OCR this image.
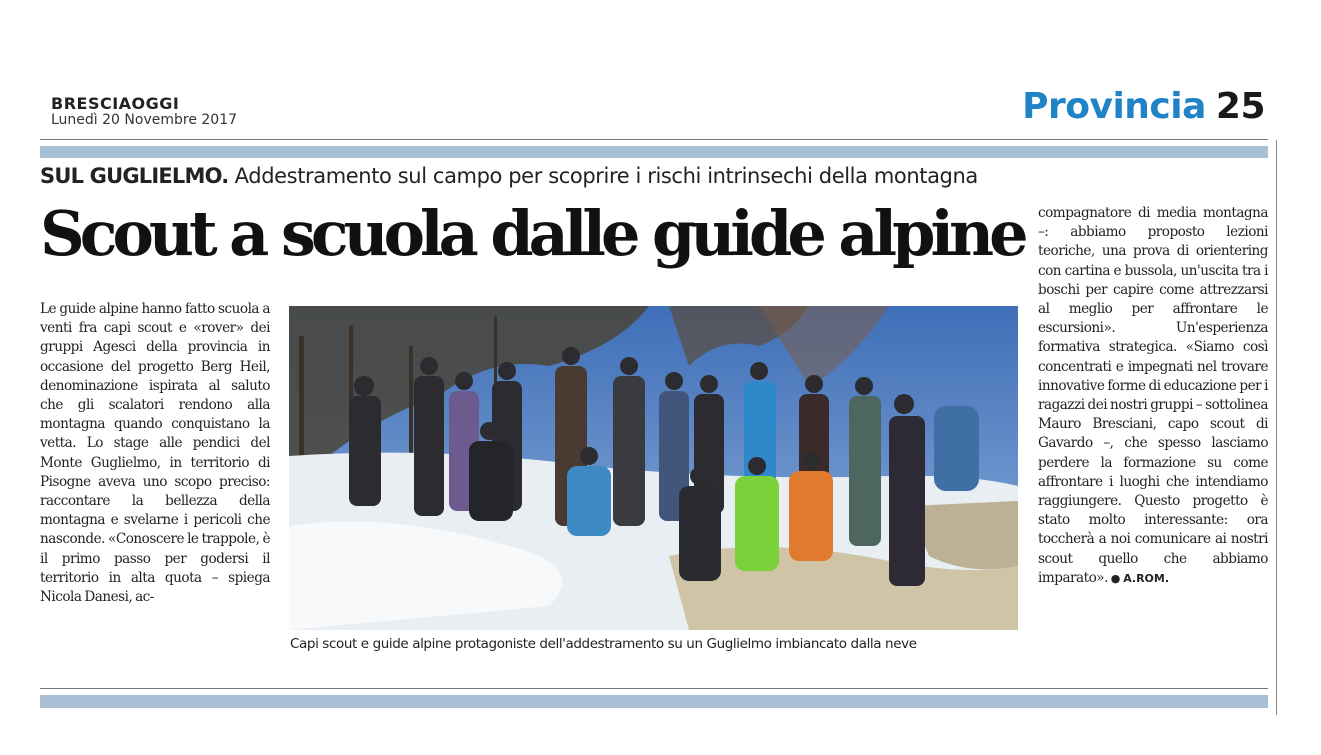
BRESCIAOGGI
Lunedì 20 Novembre 2017	Provincia 25
SUL GUGLIELMO. Addestramento sul campo per scoprire i rischi intrinsechi della montagna
Scout a scuola dalle guide alpine
Le guide alpine hanno fatto scuola a venti fra capi scout e «rover» dei gruppi Agesci della provincia in occasione del progetto Berg Heil, denominazione ispirata al saluto che gli scalatori rendono alla montagna quando conquistano la vetta. Lo stage alle pendici del Monte Guglielmo, in territorio di Pisogne aveva uno scopo preciso: raccontare la bellezza della montagna e svelarne i pericoli che nasconde. «Conoscere le trappole, è il primo passo per godersi il territorio in alta quota – spiega Nicola Danesi, ac-
Capi scout e guide alpine protagoniste dell'addestramento su un Guglielmo imbiancato dalla neve
compagnatore di media montagna –: abbiamo proposto lezioni teoriche, una prova di orientering con cartina e bussola, un'uscita tra i boschi per capire come attrezzarsi al meglio per affrontare le escursioni». Un'esperienza formativa strategica. «Siamo così concentrati e impegnati nel trovare innovative forme di educazione per i ragazzi dei nostri gruppi – sottolinea Mauro Bresciani, capo scout di Gavardo –, che spesso lasciamo perdere la formazione su come affrontare i luoghi che intendiamo raggiungere. Questo progetto è stato molto interessante: ora toccherà a noi comunicare ai nostri scout quello che abbiamo imparato». ● A.ROM.
